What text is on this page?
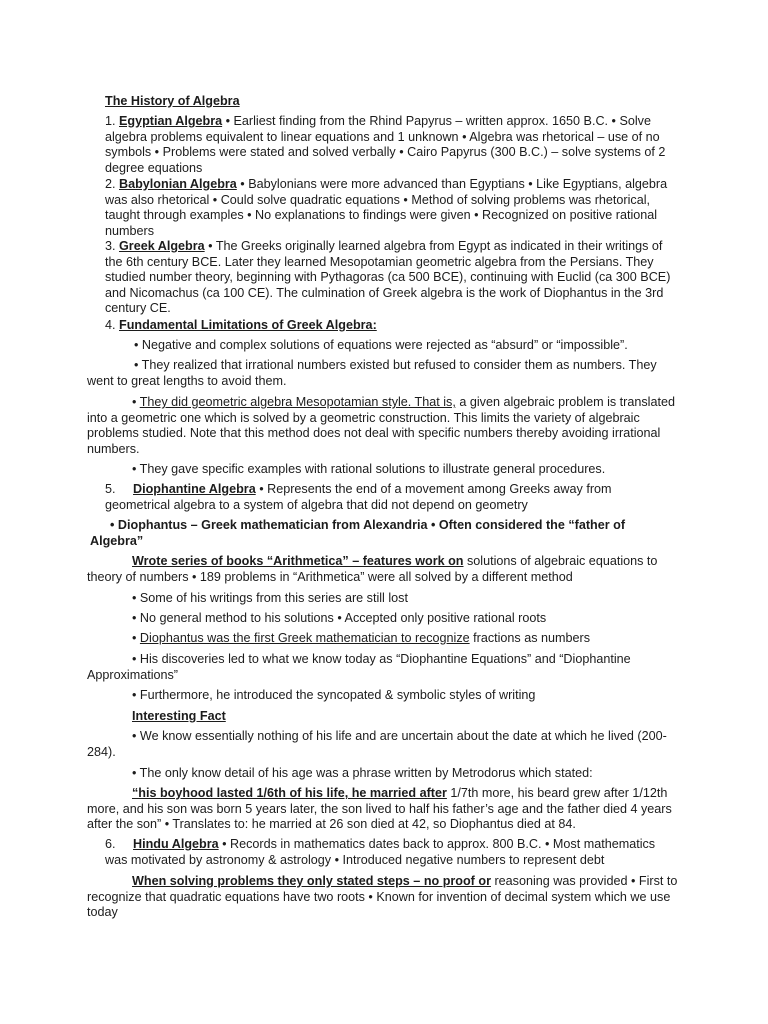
The History of Algebra

1. Egyptian Algebra • Earliest finding from the Rhind Papyrus – written approx. 1650 B.C. • Solve algebra problems equivalent to linear equations and 1 unknown • Algebra was rhetorical – use of no symbols • Problems were stated and solved verbally • Cairo Papyrus (300 B.C.) – solve systems of 2 degree equations

2. Babylonian Algebra • Babylonians were more advanced than Egyptians • Like Egyptians, algebra was also rhetorical • Could solve quadratic equations • Method of solving problems was rhetorical, taught through examples • No explanations to findings were given • Recognized on positive rational numbers

3. Greek Algebra • The Greeks originally learned algebra from Egypt as indicated in their writings of the 6th century BCE. Later they learned Mesopotamian geometric algebra from the Persians. They studied number theory, beginning with Pythagoras (ca 500 BCE), continuing with Euclid (ca 300 BCE) and Nicomachus (ca 100 CE). The culmination of Greek algebra is the work of Diophantus in the 3rd century CE.

4. Fundamental Limitations of Greek Algebra:

• Negative and complex solutions of equations were rejected as “absurd” or “impossible”.

• They realized that irrational numbers existed but refused to consider them as numbers. They went to great lengths to avoid them.

• They did geometric algebra Mesopotamian style. That is, a given algebraic problem is translated into a geometric one which is solved by a geometric construction. This limits the variety of algebraic problems studied. Note that this method does not deal with specific numbers thereby avoiding irrational numbers.

• They gave specific examples with rational solutions to illustrate general procedures.

5. Diophantine Algebra • Represents the end of a movement among Greeks away from geometrical algebra to a system of algebra that did not depend on geometry

• Diophantus – Greek mathematician from Alexandria • Often considered the “father of Algebra”

Wrote series of books “Arithmetica” – features work on solutions of algebraic equations to theory of numbers • 189 problems in “Arithmetica” were all solved by a different method

• Some of his writings from this series are still lost

• No general method to his solutions • Accepted only positive rational roots

• Diophantus was the first Greek mathematician to recognize fractions as numbers

• His discoveries led to what we know today as “Diophantine Equations” and “Diophantine Approximations”

• Furthermore, he introduced the syncopated & symbolic styles of writing

Interesting Fact

• We know essentially nothing of his life and are uncertain about the date at which he lived (200-284).

• The only know detail of his age was a phrase written by Metrodorus which stated:

“his boyhood lasted 1/6th of his life, he married after 1/7th more, his beard grew after 1/12th more, and his son was born 5 years later, the son lived to half his father’s age and the father died 4 years after the son” • Translates to: he married at 26 son died at 42, so Diophantus died at 84.

6. Hindu Algebra • Records in mathematics dates back to approx. 800 B.C. • Most mathematics was motivated by astronomy & astrology • Introduced negative numbers to represent debt

When solving problems they only stated steps – no proof or reasoning was provided • First to recognize that quadratic equations have two roots • Known for invention of decimal system which we use today
